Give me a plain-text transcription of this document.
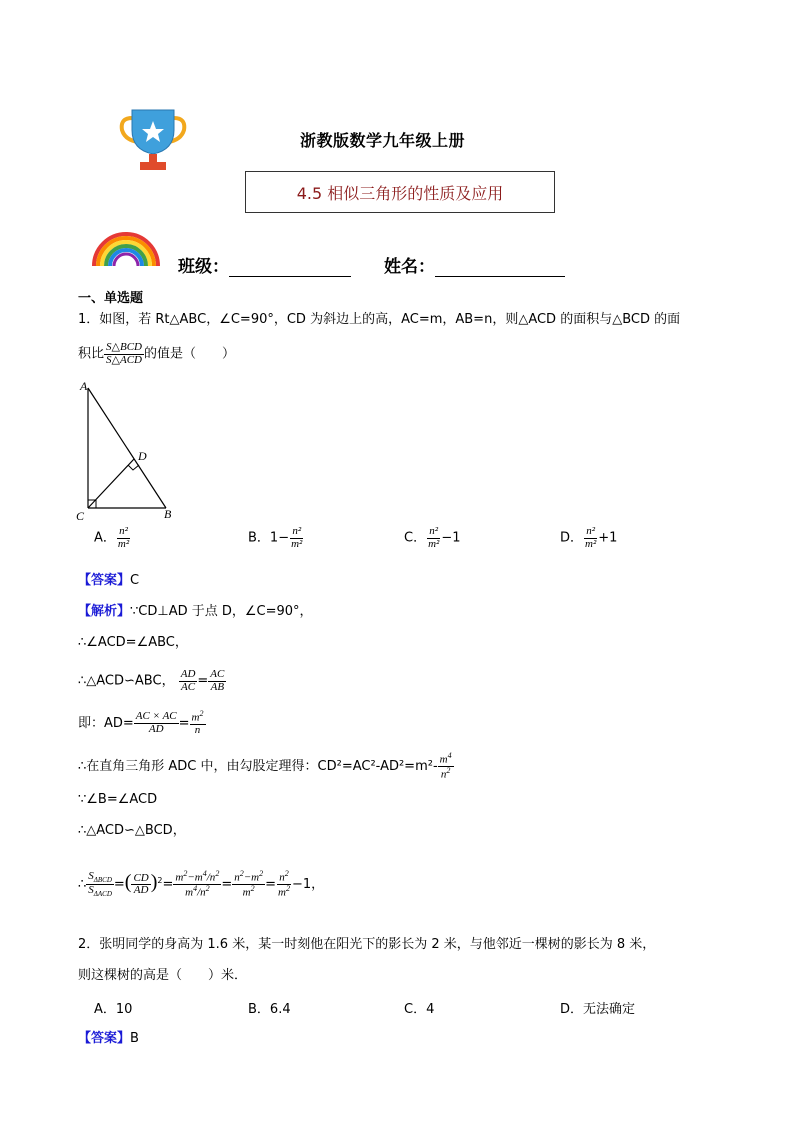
浙教版数学九年级上册
4.5 相似三角形的性质及应用
班级：	姓名：
一、单选题
1．如图，若 Rt△ABC，∠C=90°，CD 为斜边上的高，AC=m，AB=n，则△ACD 的面积与△BCD 的面
积比 $\frac{\text{S△BCD}}{\text{S△ACD}}$ 的值是（　　）
A
D
C	B
A． $\frac{\text{n²}}{\text{m²}}$	B．$1- \frac{\text{n²}}{\text{m²}}$	C． $\frac{\text{n²}}{\text{m²}} -1$	D． $\frac{\text{n²}}{\text{m²}} +1$
【答案】C
【解析】∵CD⊥AD 于点 D，∠C=90°，
∴∠ACD=∠ABC，
∴△ACD∽ABC， $\frac{AD}{AC} = \frac{AC}{AB}$
即：$AD= \frac{AC \times AC}{AD} = \frac{m^2}{n}$
∴在直角三角形 ADC 中，由勾股定理得：$CD^2=AC^2-AD^2=m^2- \frac{m^4}{n^2}$
∵∠B=∠ACD
∴△ACD∽△BCD，
∴ $\frac{S_{\Delta BCD}}{S_{\Delta ACD}}$ =( $\frac{CD}{AD} )^2= \frac{m^2-m^4/n^2}{m^4/n^2} = \frac{n^2-m^2}{m^2} = \frac{n^2}{m^2} -1$，
2．张明同学的身高为 1.6 米，某一时刻他在阳光下的影长为 2 米，与他邻近一棵树的影长为 8 米，
则这棵树的高是（　　）米．
A．10	B．6.4	C．4	D．无法确定
【答案】B
